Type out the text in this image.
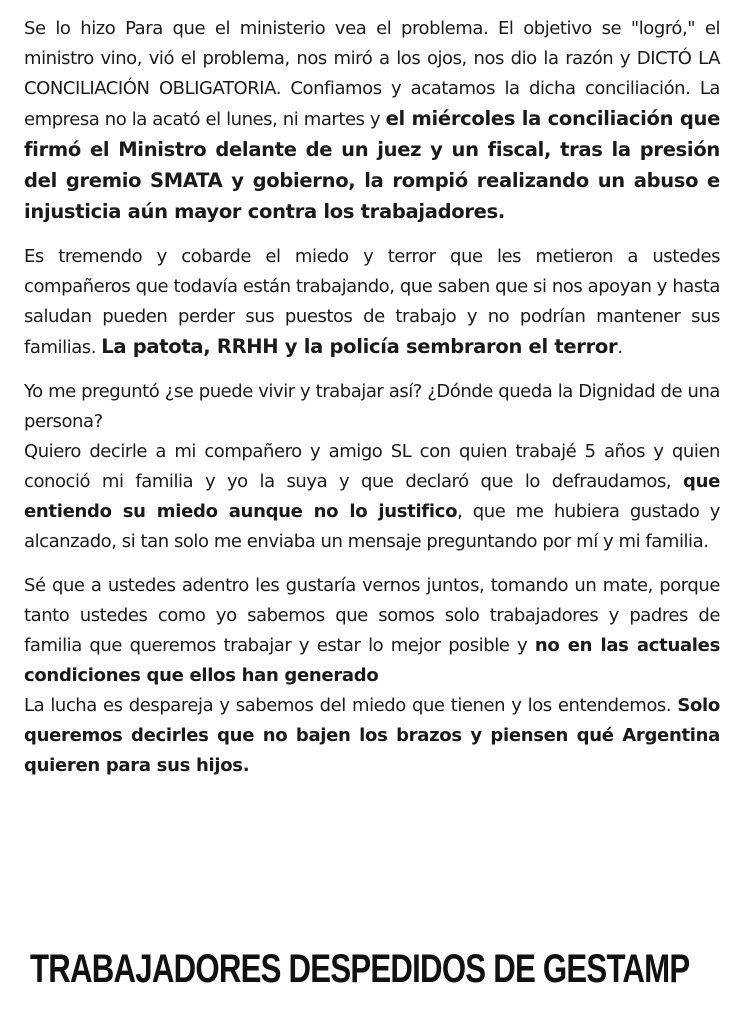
Se lo hizo Para que el ministerio vea el problema. El objetivo se "logró," el ministro vino, vió el problema, nos miró a los ojos, nos dio la razón y DICTÓ LA CONCILIACIÓN OBLIGATORIA. Confiamos y acatamos la dicha conciliación. La empresa no la acató el lunes, ni martes y el miércoles la conciliación que firmó el Ministro delante de un juez y un fiscal, tras la presión del gremio SMATA y gobierno, la rompió realizando un abuso e injusticia aún mayor contra los trabajadores.

Es tremendo y cobarde el miedo y terror que les metieron a ustedes compañeros que todavía están trabajando, que saben que si nos apoyan y hasta saludan pueden perder sus puestos de trabajo y no podrían mantener sus familias. La patota, RRHH y la policía sembraron el terror.

Yo me preguntó ¿se puede vivir y trabajar así? ¿Dónde queda la Dignidad de una persona?

Quiero decirle a mi compañero y amigo SL con quien trabajé 5 años y quien conoció mi familia y yo la suya y que declaró que lo defraudamos, que entiendo su miedo aunque no lo justifico, que me hubiera gustado y alcanzado, si tan solo me enviaba un mensaje preguntando por mí y mi familia.

Sé que a ustedes adentro les gustaría vernos juntos, tomando un mate, porque tanto ustedes como yo sabemos que somos solo trabajadores y padres de familia que queremos trabajar y estar lo mejor posible y no en las actuales condiciones que ellos han generado

La lucha es despareja y sabemos del miedo que tienen y los entendemos. Solo queremos decirles que no bajen los brazos y piensen qué Argentina quieren para sus hijos.

TRABAJADORES DESPEDIDOS DE GESTAMP
